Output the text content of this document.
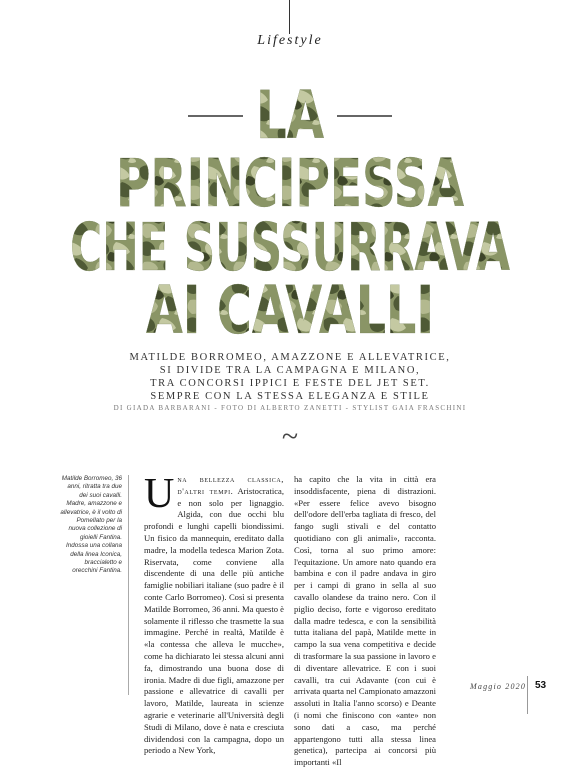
Lifestyle
LA
PRINCIPESSA
CHE SUSSURRAVA
AI CAVALLI
MATILDE BORROMEO, AMAZZONE E ALLEVATRICE,
SI DIVIDE TRA LA CAMPAGNA E MILANO,
TRA CONCORSI IPPICI E FESTE DEL JET SET.
SEMPRE CON LA STESSA ELEGANZA E STILE
DI GIADA BARBARANI - FOTO DI ALBERTO ZANETTI - STYLIST GAIA FRASCHINI
~
Matilde Borromeo, 36 anni, ritratta tra due dei suoi cavalli. Madre, amazzone e allevatrice, è il volto di Pomellato per la nuova collezione di gioielli Fantina. Indossa una collana della linea Iconica, braccialetto e orecchini Fantina.
Una bellezza classica, d'altri tempi. Aristocratica, e non solo per lignaggio. Algida, con due occhi blu profondi e lunghi capelli biondissimi. Un fisico da mannequin, ereditato dalla madre, la modella tedesca Marion Zota. Riservata, come conviene alla discendente di una delle più antiche famiglie nobiliari italiane (suo padre è il conte Carlo Borromeo). Così si presenta Matilde Borromeo, 36 anni. Ma questo è solamente il riflesso che trasmette la sua immagine. Perché in realtà, Matilde è «la contessa che alleva le mucche», come ha dichiarato lei stessa alcuni anni fa, dimostrando una buona dose di ironia. Madre di due figli, amazzone per passione e allevatrice di cavalli per lavoro, Matilde, laureata in scienze agrarie e veterinarie all'Università degli Studi di Milano, dove è nata e cresciuta dividendosi con la campagna, dopo un periodo a New York,
ha capito che la vita in città era insoddisfacente, piena di distrazioni. «Per essere felice avevo bisogno dell'odore dell'erba tagliata di fresco, del fango sugli stivali e del contatto quotidiano con gli animali», racconta. Così, torna al suo primo amore: l'equitazione. Un amore nato quando era bambina e con il padre andava in giro per i campi di grano in sella al suo cavallo olandese da traino nero. Con il piglio deciso, forte e vigoroso ereditato dalla madre tedesca, e con la sensibilità tutta italiana del papà, Matilde mette in campo la sua vena competitiva e decide di trasformare la sua passione in lavoro e di diventare allevatrice. E con i suoi cavalli, tra cui Adavante (con cui è arrivata quarta nel Campionato amazzoni assoluti in Italia l'anno scorso) e Deante (i nomi che finiscono con «ante» non sono dati a caso, ma perché appartengono tutti alla stessa linea genetica), partecipa ai concorsi più importanti «Il
Maggio 2020 53
